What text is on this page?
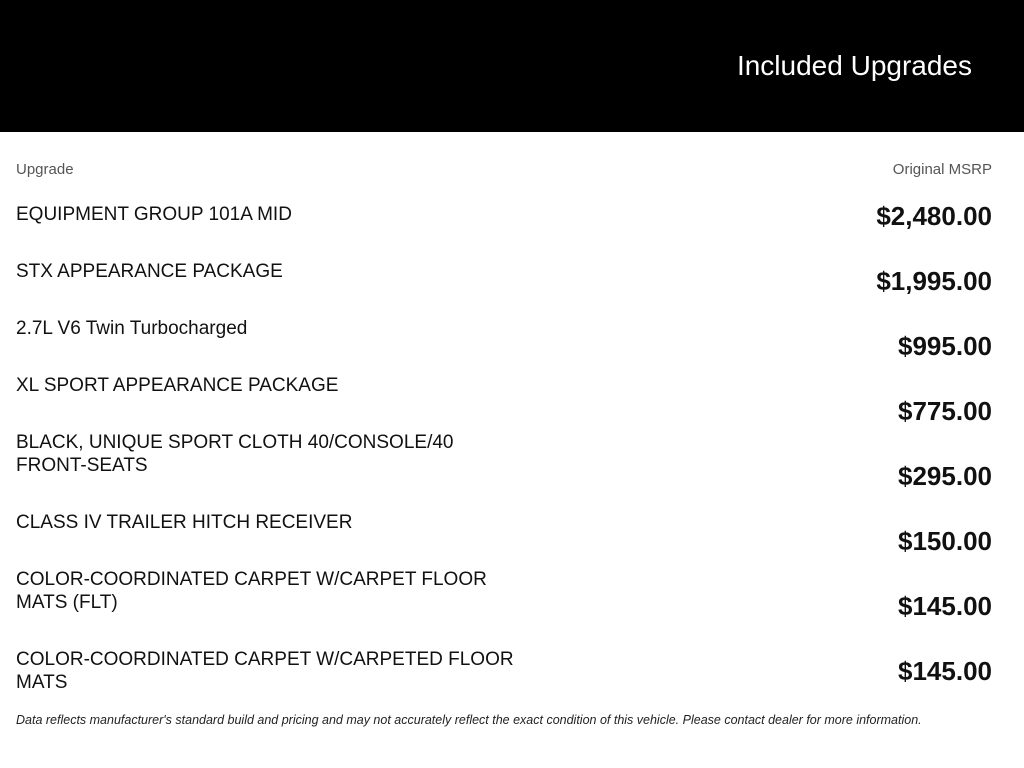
Included Upgrades
Upgrade	Original MSRP
EQUIPMENT GROUP 101A MID
STX APPEARANCE PACKAGE
2.7L V6 Twin Turbocharged
XL SPORT APPEARANCE PACKAGE
BLACK, UNIQUE SPORT CLOTH 40/CONSOLE/40 FRONT-SEATS
CLASS IV TRAILER HITCH RECEIVER
COLOR-COORDINATED CARPET W/CARPET FLOOR MATS (FLT)
COLOR-COORDINATED CARPET W/CARPETED FLOOR MATS
$2,480.00
$1,995.00
$995.00
$775.00
$295.00
$150.00
$145.00
$145.00
Data reflects manufacturer's standard build and pricing and may not accurately reflect the exact condition of this vehicle. Please contact dealer for more information.
